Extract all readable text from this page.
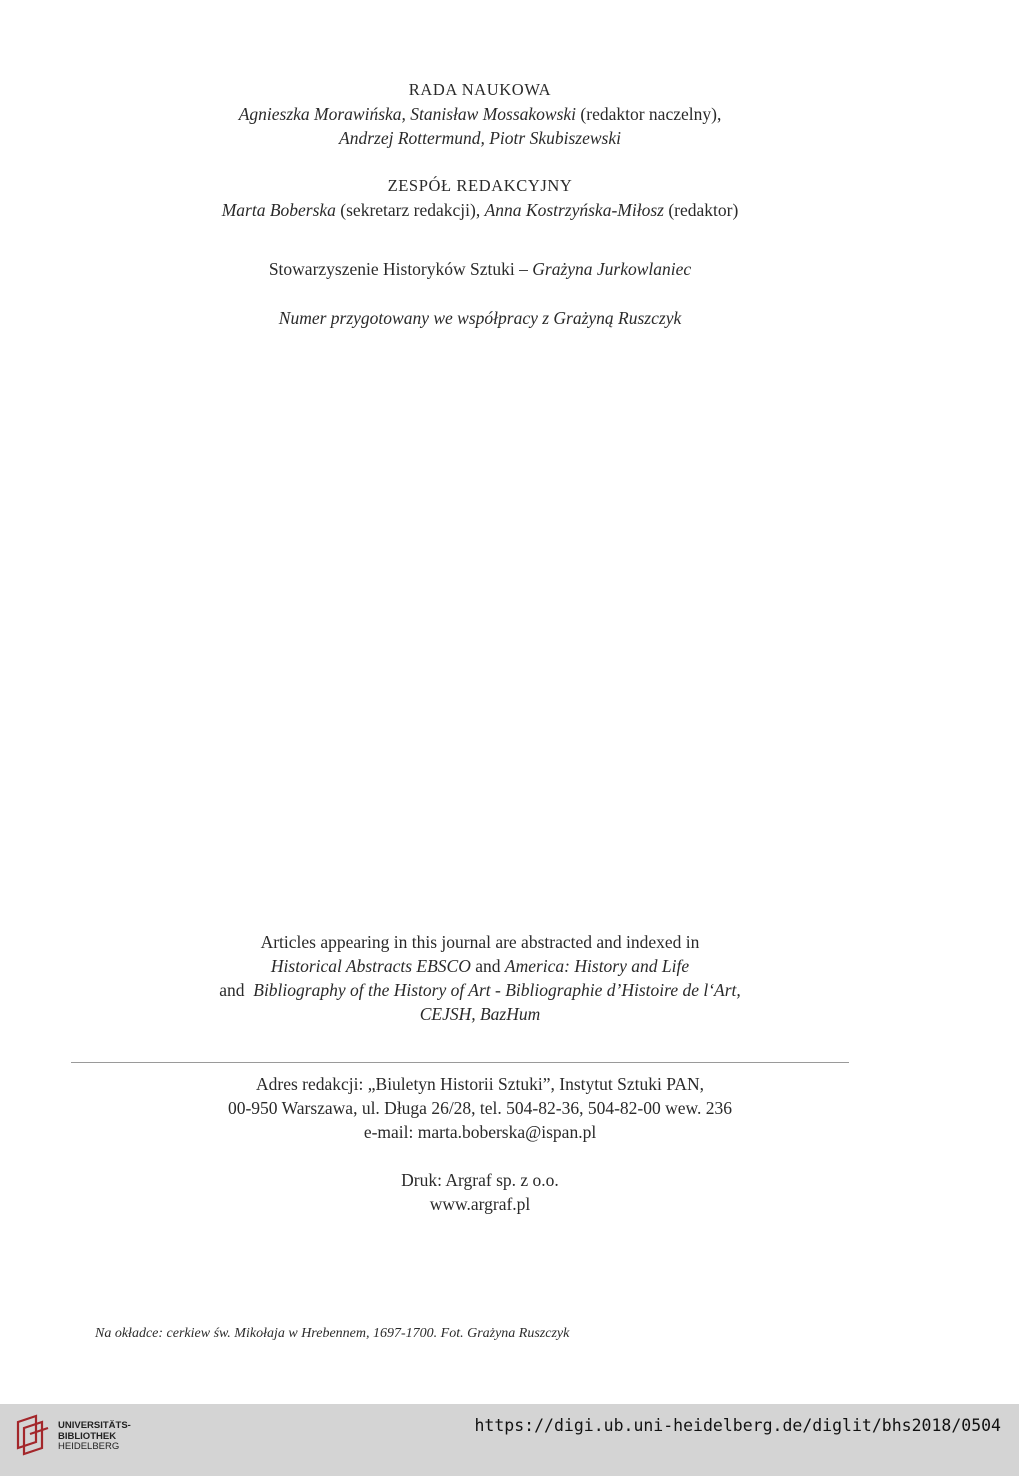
RADA NAUKOWA
Agnieszka Morawińska, Stanisław Mossakowski (redaktor naczelny),
Andrzej Rottermund, Piotr Skubiszewski
ZESPÓŁ REDAKCYJNY
Marta Boberska (sekretarz redakcji), Anna Kostrzyńska-Miłosz (redaktor)
Stowarzyszenie Historyków Sztuki – Grażyna Jurkowlaniec
Numer przygotowany we współpracy z Grażyną Ruszczyk
Articles appearing in this journal are abstracted and indexed in
Historical Abstracts EBSCO and America: History and Life
and Bibliography of the History of Art - Bibliographie d’Histoire de l‘Art,
CEJSH, BazHum
Adres redakcji: „Biuletyn Historii Sztuki”, Instytut Sztuki PAN,
00-950 Warszawa, ul. Długa 26/28, tel. 504-82-36, 504-82-00 wew. 236
e-mail: marta.boberska@ispan.pl
Druk: Argraf sp. z o.o.
www.argraf.pl
Na okładce: cerkiew św. Mikołaja w Hrebennem, 1697-1700. Fot. Grażyna Ruszczyk
UNIVERSITÄTS-
BIBLIOTHEK
HEIDELBERG
https://digi.ub.uni-heidelberg.de/diglit/bhs2018/0504
